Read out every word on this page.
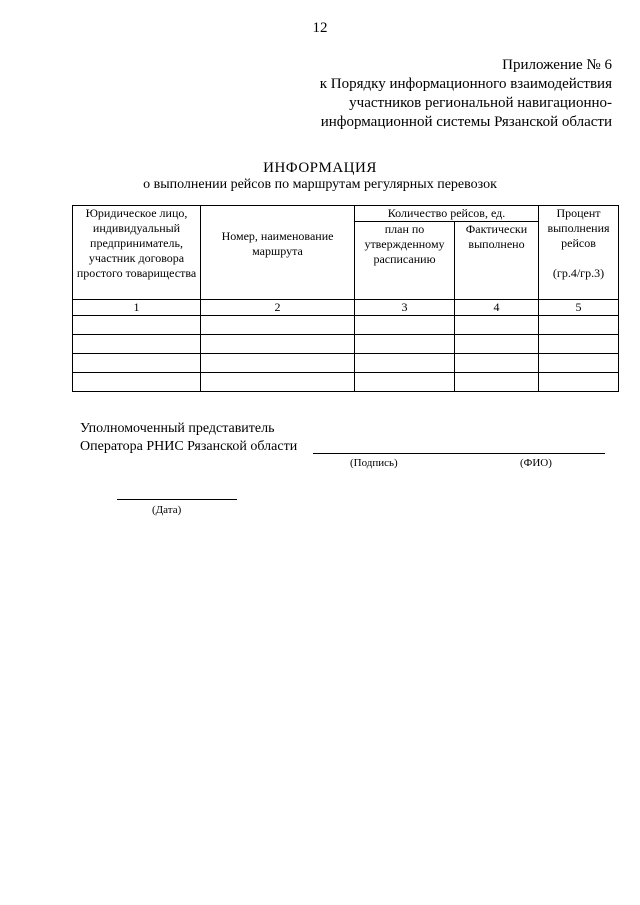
12
Приложение № 6
к Порядку информационного взаимодействия
участников региональной навигационно-
информационной системы Рязанской области
ИНФОРМАЦИЯ
о выполнении рейсов по маршрутам регулярных перевозок
Юридическое лицо, индивидуальный предприниматель, участник договора простого товарищества	Номер, наименование маршрута	Количество рейсов, ед.		Процент выполнения рейсов
(гр.4/гр.3)

		план по утвержденному расписанию	Фактически выполнено	
1	2	3	4	5

Уполномоченный представитель
Оператора РНИС Рязанской области
(Подпись)	(ФИО)
(Дата)
